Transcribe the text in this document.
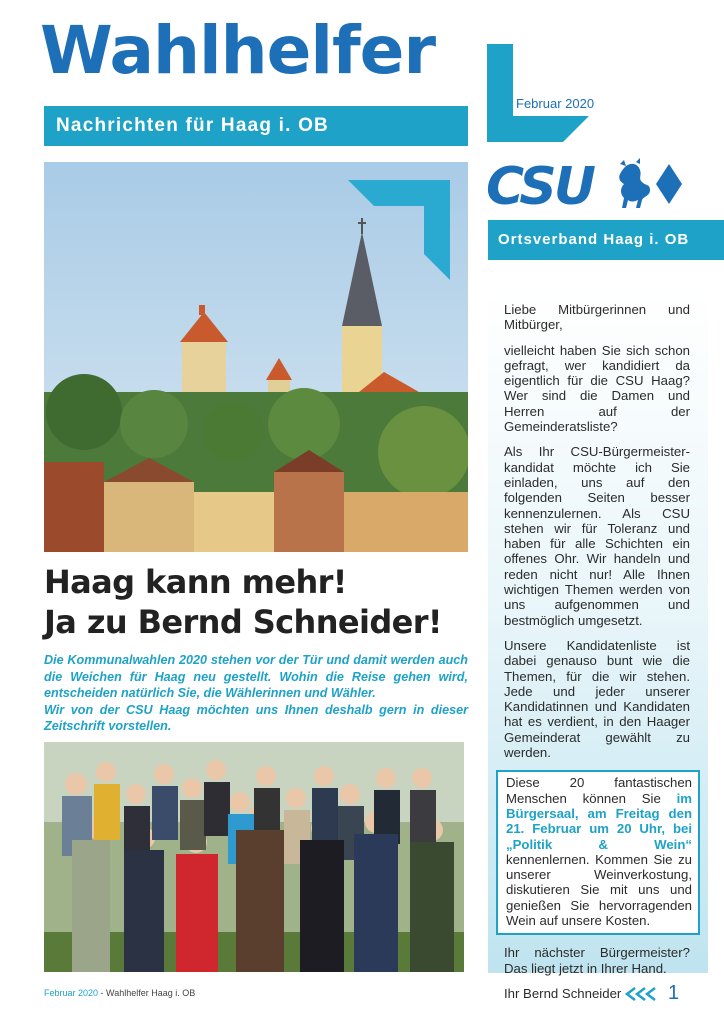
Wahlhelfer
Nachrichten für Haag i. OB
Februar 2020
CSU
Ortsverband Haag i. OB
Haag kann mehr!
Ja zu Bernd Schneider!

Die Kommunalwahlen 2020 stehen vor der Tür und damit werden auch die Weichen für Haag neu gestellt. Wohin die Reise gehen wird, entscheiden natürlich Sie, die Wählerinnen und Wähler.

Wir von der CSU Haag möchten uns Ihnen deshalb gern in dieser Zeitschrift vorstellen.

Liebe Mitbürgerinnen und Mitbürger,

vielleicht haben Sie sich schon gefragt, wer kandidiert da eigentlich für die CSU Haag? Wer sind die Damen und Herren auf der Gemeinderatsliste?

Als Ihr CSU-Bürgermeister-kandidat möchte ich Sie einladen, uns auf den folgenden Seiten besser kennenzulernen. Als CSU stehen wir für Toleranz und haben für alle Schichten ein offenes Ohr. Wir handeln und reden nicht nur! Alle Ihnen wichtigen Themen werden von uns aufgenommen und bestmöglich umgesetzt.

Unsere Kandidatenliste ist dabei genauso bunt wie die Themen, für die wir stehen. Jede und jeder unserer Kandidatinnen und Kandidaten hat es verdient, in den Haager Gemeinderat gewählt zu werden.

Diese 20 fantastischen Menschen können Sie im Bürgersaal, am Freitag den 21. Februar um 20 Uhr, bei „Politik & Wein“ kennenlernen. Kommen Sie zu unserer Weinverkostung, diskutieren Sie mit uns und genießen Sie hervorragenden Wein auf unsere Kosten.

Ihr nächster Bürgermeister? Das liegt jetzt in Ihrer Hand.

Ihr Bernd Schneider

Februar 2020 - Wahlhelfer Haag i. OB	1
